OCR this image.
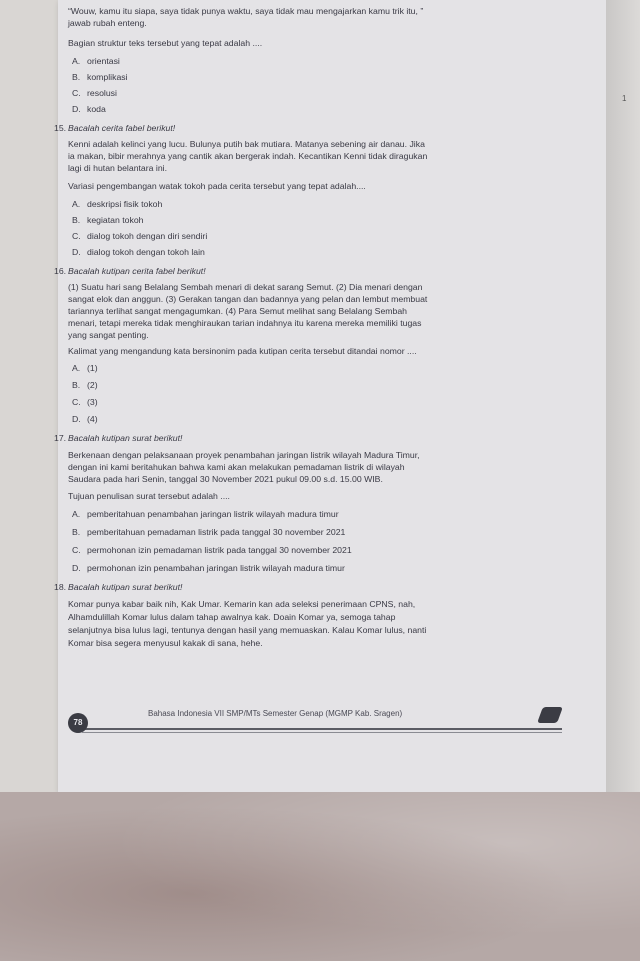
1
“Wouw, kamu itu siapa, saya tidak punya waktu, saya tidak mau mengajarkan kamu trik itu, ”
jawab rubah enteng.
Bagian struktur teks tersebut yang tepat adalah ....
A. orientasi
B. komplikasi
C. resolusi
D. koda
15. Bacalah cerita fabel berikut!
Kenni adalah kelinci yang lucu. Bulunya putih bak mutiara. Matanya sebening air danau. Jika
ia makan, bibir merahnya yang cantik akan bergerak indah. Kecantikan Kenni tidak diragukan
lagi di hutan belantara ini.
Variasi pengembangan watak tokoh pada cerita tersebut yang tepat adalah....
A. deskripsi fisik tokoh
B. kegiatan tokoh
C. dialog tokoh dengan diri sendiri
D. dialog tokoh dengan tokoh lain
16. Bacalah kutipan cerita fabel berikut!
(1) Suatu hari sang Belalang Sembah menari di dekat sarang Semut. (2) Dia menari dengan
sangat elok dan anggun. (3) Gerakan tangan dan badannya yang pelan dan lembut membuat
tariannya terlihat sangat mengagumkan. (4) Para Semut melihat sang Belalang Sembah
menari, tetapi mereka tidak menghiraukan tarian indahnya itu karena mereka memiliki tugas
yang sangat penting.
Kalimat yang mengandung kata bersinonim pada kutipan cerita tersebut ditandai nomor ....
A. (1)
B. (2)
C. (3)
D. (4)
17. Bacalah kutipan surat berikut!
Berkenaan dengan pelaksanaan proyek penambahan jaringan listrik wilayah Madura Timur,
dengan ini kami beritahukan bahwa kami akan melakukan pemadaman listrik di wilayah
Saudara pada hari Senin, tanggal 30 November 2021 pukul 09.00 s.d. 15.00 WIB.
Tujuan penulisan surat tersebut adalah ....
A. pemberitahuan penambahan jaringan listrik wilayah madura timur
B. pemberitahuan pemadaman listrik pada tanggal 30 november 2021
C. permohonan izin pemadaman listrik pada tanggal 30 november 2021
D. permohonan izin penambahan jaringan listrik wilayah madura timur
18. Bacalah kutipan surat berikut!
Komar punya kabar baik nih, Kak Umar. Kemarin kan ada seleksi penerimaan CPNS, nah,
Alhamdulillah Komar lulus dalam tahap awalnya kak. Doain Komar ya, semoga tahap
selanjutnya bisa lulus lagi, tentunya dengan hasil yang memuaskan. Kalau Komar lulus, nanti
Komar bisa segera menyusul kakak di sana, hehe.
78
Bahasa Indonesia VII SMP/MTs Semester Genap (MGMP Kab. Sragen)
